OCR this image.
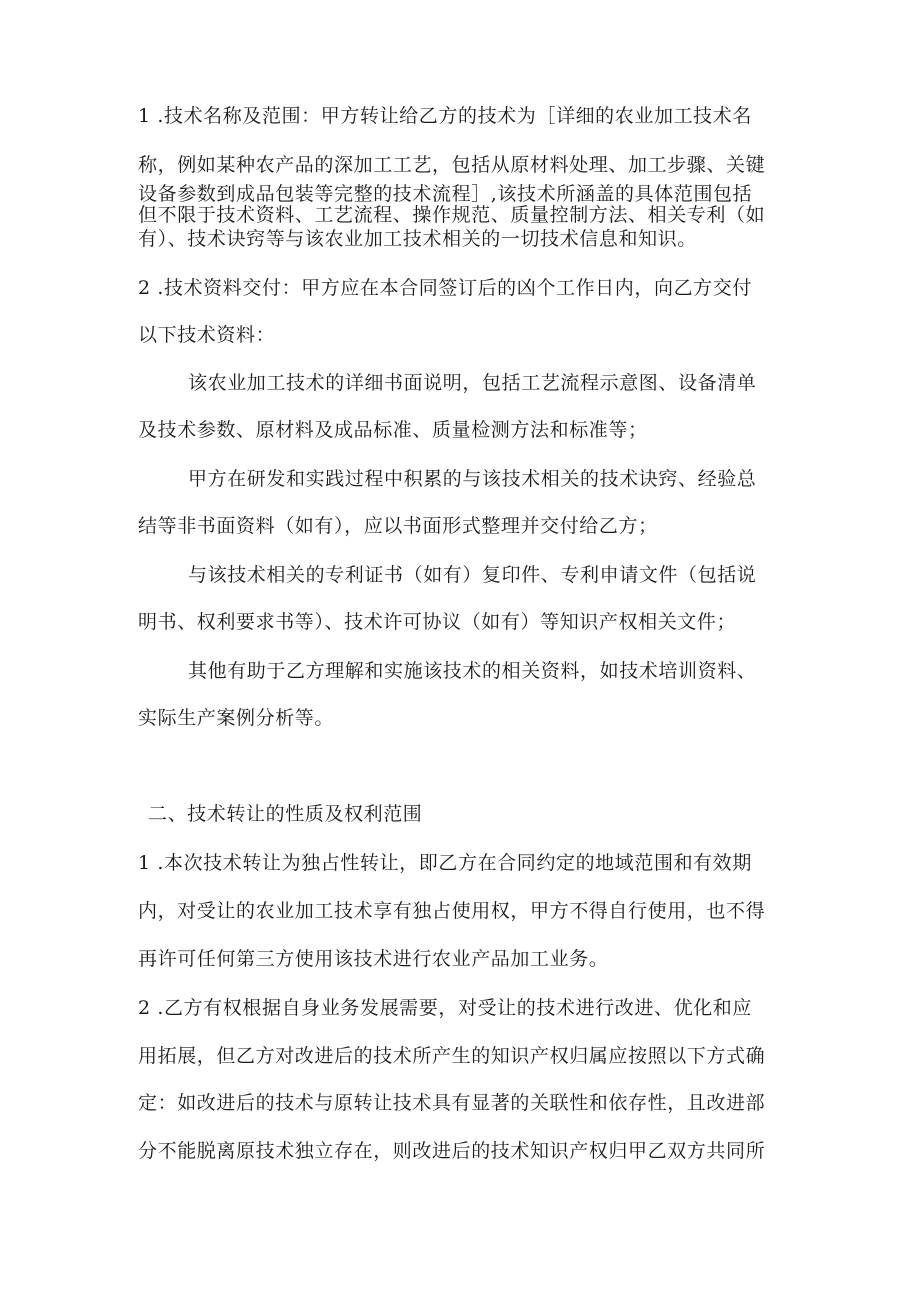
1 .技术名称及范围：甲方转让给乙方的技术为［详细的农业加工技术名
称，例如某种农产品的深加工工艺，包括从原材料处理、加工步骤、关键
设备参数到成品包装等完整的技术流程］,该技术所涵盖的具体范围包括
但不限于技术资料、工艺流程、操作规范、质量控制方法、相关专利（如
有）、技术诀窍等与该农业加工技术相关的一切技术信息和知识。
2 .技术资料交付：甲方应在本合同签订后的凶个工作日内，向乙方交付
以下技术资料：
该农业加工技术的详细书面说明，包括工艺流程示意图、设备清单
及技术参数、原材料及成品标准、质量检测方法和标准等；
甲方在研发和实践过程中积累的与该技术相关的技术诀窍、经验总
结等非书面资料（如有），应以书面形式整理并交付给乙方；
与该技术相关的专利证书（如有）复印件、专利申请文件（包括说
明书、权利要求书等）、技术许可协议（如有）等知识产权相关文件；
其他有助于乙方理解和实施该技术的相关资料，如技术培训资料、
实际生产案例分析等。
二、技术转让的性质及权利范围
1 .本次技术转让为独占性转让，即乙方在合同约定的地域范围和有效期
内，对受让的农业加工技术享有独占使用权，甲方不得自行使用，也不得
再许可任何第三方使用该技术进行农业产品加工业务。
2 .乙方有权根据自身业务发展需要，对受让的技术进行改进、优化和应
用拓展，但乙方对改进后的技术所产生的知识产权归属应按照以下方式确
定：如改进后的技术与原转让技术具有显著的关联性和依存性，且改进部
分不能脱离原技术独立存在，则改进后的技术知识产权归甲乙双方共同所
